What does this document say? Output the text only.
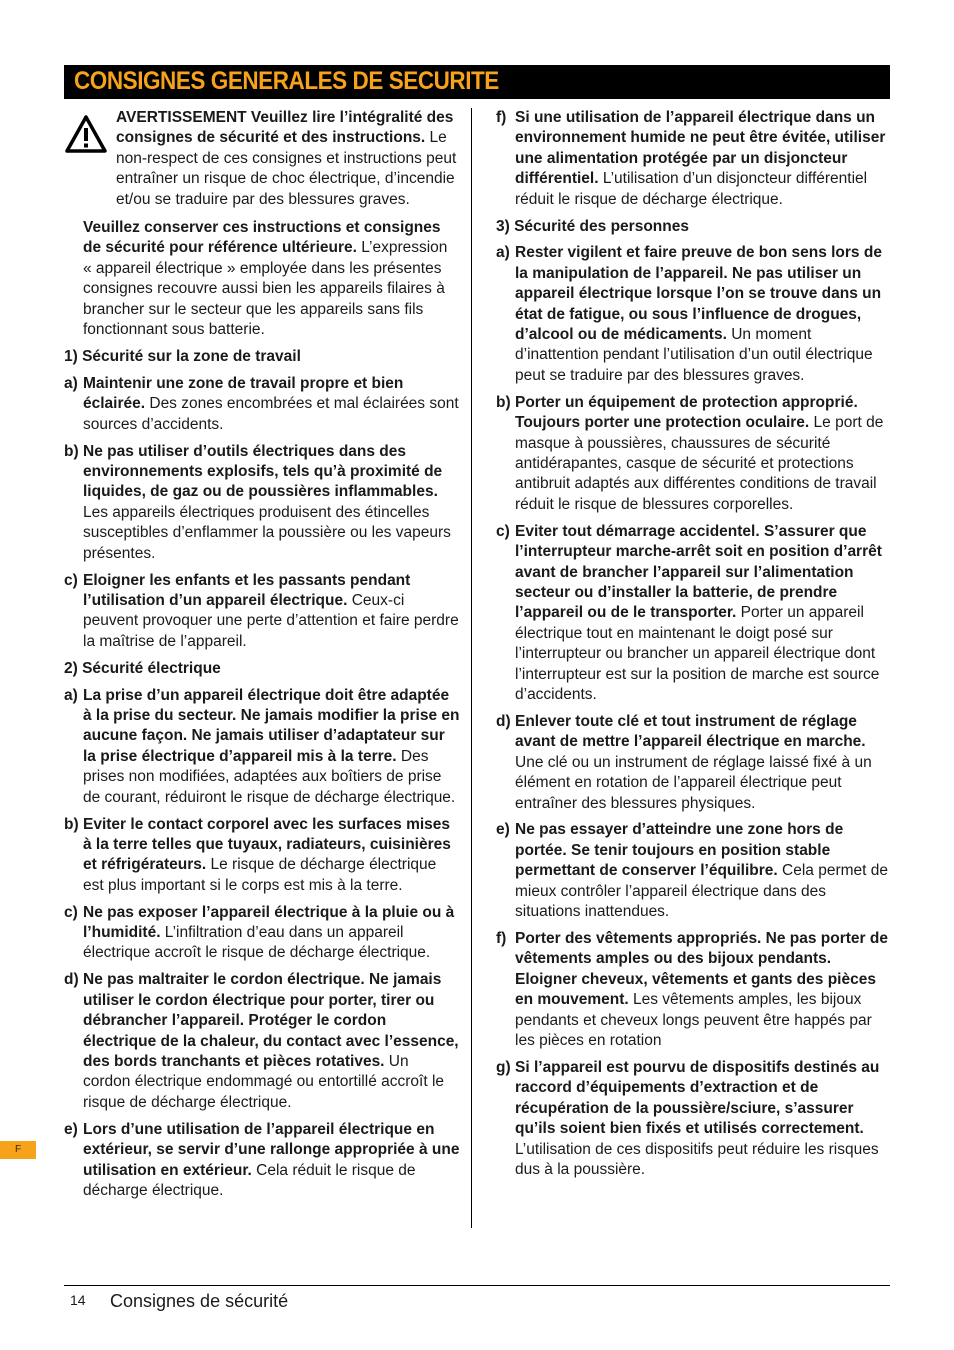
CONSIGNES GENERALES DE SECURITE

AVERTISSEMENT Veuillez lire l’intégralité des consignes de sécurité et des instructions. Le non-respect de ces consignes et instructions peut entraîner un risque de choc électrique, d’incendie et/ou se traduire par des blessures graves.

Veuillez conserver ces instructions et consignes de sécurité pour référence ultérieure. L’expression « appareil électrique » employée dans les présentes consignes recouvre aussi bien les appareils filaires à brancher sur le secteur que les appareils sans fils fonctionnant sous batterie.

1) Sécurité sur la zone de travail
a) Maintenir une zone de travail propre et bien éclairée. Des zones encombrées et mal éclairées sont sources d’accidents.
b) Ne pas utiliser d’outils électriques dans des environnements explosifs, tels qu’à proximité de liquides, de gaz ou de poussières inflammables. Les appareils électriques produisent des étincelles susceptibles d’enflammer la poussière ou les vapeurs présentes.
c) Eloigner les enfants et les passants pendant l’utilisation d’un appareil électrique. Ceux-ci peuvent provoquer une perte d’attention et faire perdre la maîtrise de l’appareil.
2) Sécurité électrique
a) La prise d’un appareil électrique doit être adaptée à la prise du secteur. Ne jamais modifier la prise en aucune façon. Ne jamais utiliser d’adaptateur sur la prise électrique d’appareil mis à la terre. Des prises non modifiées, adaptées aux boîtiers de prise de courant, réduiront le risque de décharge électrique.
b) Eviter le contact corporel avec les surfaces mises à la terre telles que tuyaux, radiateurs, cuisinières et réfrigérateurs. Le risque de décharge électrique est plus important si le corps est mis à la terre.
c) Ne pas exposer l’appareil électrique à la pluie ou à l’humidité. L’infiltration d’eau dans un appareil électrique accroît le risque de décharge électrique.
d) Ne pas maltraiter le cordon électrique. Ne jamais utiliser le cordon électrique pour porter, tirer ou débrancher l’appareil. Protéger le cordon électrique de la chaleur, du contact avec l’essence, des bords tranchants et pièces rotatives. Un cordon électrique endommagé ou entortillé accroît le risque de décharge électrique.
e) Lors d’une utilisation de l’appareil électrique en extérieur, se servir d’une rallonge appropriée à une utilisation en extérieur. Cela réduit le risque de décharge électrique.
f) Si une utilisation de l’appareil électrique dans un environnement humide ne peut être évitée, utiliser une alimentation protégée par un disjoncteur différentiel. L’utilisation d’un disjoncteur différentiel réduit le risque de décharge électrique.
3) Sécurité des personnes
a) Rester vigilent et faire preuve de bon sens lors de la manipulation de l’appareil. Ne pas utiliser un appareil électrique lorsque l’on se trouve dans un état de fatigue, ou sous l’influence de drogues, d’alcool ou de médicaments. Un moment d’inattention pendant l’utilisation d’un outil électrique peut se traduire par des blessures graves.
b) Porter un équipement de protection approprié. Toujours porter une protection oculaire. Le port de masque à poussières, chaussures de sécurité antidérapantes, casque de sécurité et protections antibruit adaptés aux différentes conditions de travail réduit le risque de blessures corporelles.
c) Eviter tout démarrage accidentel. S’assurer que l’interrupteur marche-arrêt soit en position d’arrêt avant de brancher l’appareil sur l’alimentation secteur ou d’installer la batterie, de prendre l’appareil ou de le transporter. Porter un appareil électrique tout en maintenant le doigt posé sur l’interrupteur ou brancher un appareil électrique dont l’interrupteur est sur la position de marche est source d’accidents.
d) Enlever toute clé et tout instrument de réglage avant de mettre l’appareil électrique en marche. Une clé ou un instrument de réglage laissé fixé à un élément en rotation de l’appareil électrique peut entraîner des blessures physiques.
e) Ne pas essayer d’atteindre une zone hors de portée. Se tenir toujours en position stable permettant de conserver l’équilibre. Cela permet de mieux contrôler l’appareil électrique dans des situations inattendues.
f) Porter des vêtements appropriés. Ne pas porter de vêtements amples ou des bijoux pendants. Eloigner cheveux, vêtements et gants des pièces en mouvement. Les vêtements amples, les bijoux pendants et cheveux longs peuvent être happés par les pièces en rotation
g) Si l’appareil est pourvu de dispositifs destinés au raccord d’équipements d’extraction et de récupération de la poussière/sciure, s’assurer qu’ils soient bien fixés et utilisés correctement. L’utilisation de ces dispositifs peut réduire les risques dus à la poussière.
F
14 Consignes de sécurité
